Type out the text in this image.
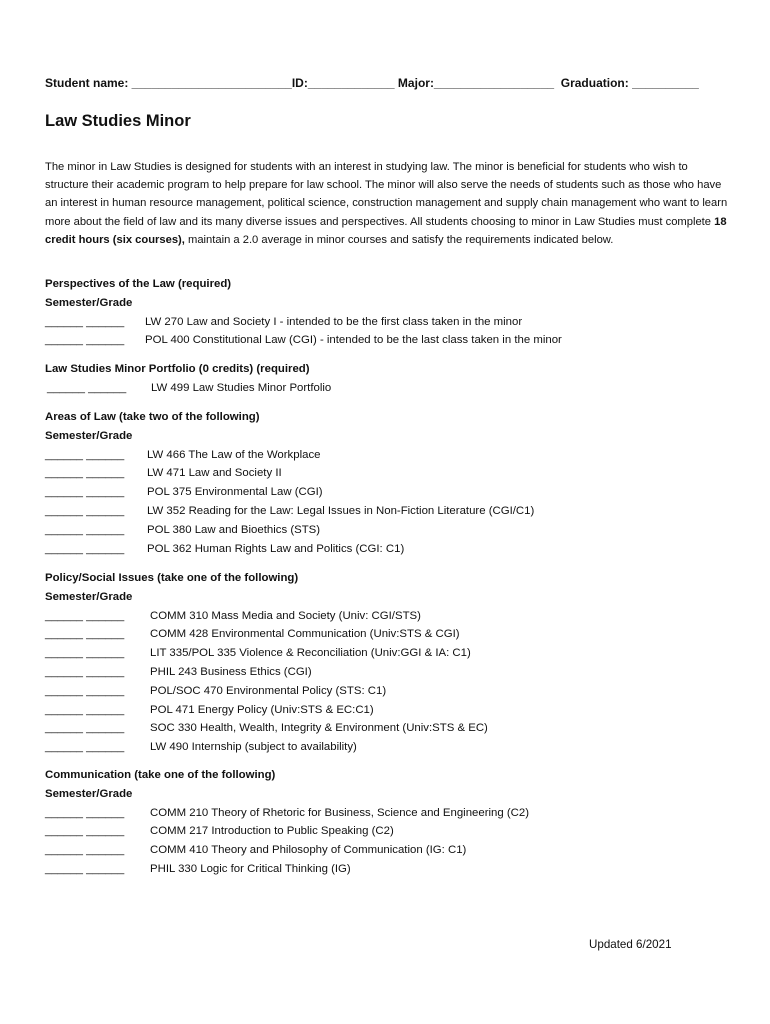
Student name: ________________________ID:_____________ Major:__________________  Graduation: __________
Law Studies Minor

The minor in Law Studies is designed for students with an interest in studying law. The minor is beneficial for students who wish to structure their academic program to help prepare for law school. The minor will also serve the needs of students such as those who have an interest in human resource management, political science, construction management and supply chain management who want to learn more about the field of law and its many diverse issues and perspectives. All students choosing to minor in Law Studies must complete 18 credit hours (six courses), maintain a 2.0 average in minor courses and satisfy the requirements indicated below.

Perspectives of the Law (required)
Semester/Grade
______ ______ LW 270 Law and Society I - intended to be the first class taken in the minor
______ ______ POL 400 Constitutional Law (CGI) - intended to be the last class taken in the minor
Law Studies Minor Portfolio (0 credits) (required)
______ ______ LW 499 Law Studies Minor Portfolio
Areas of Law (take two of the following)
Semester/Grade
______ ______ LW 466 The Law of the Workplace
______ ______ LW 471 Law and Society II
______ ______ POL 375 Environmental Law (CGI)
______ ______ LW 352 Reading for the Law: Legal Issues in Non-Fiction Literature (CGI/C1)
______ ______ POL 380 Law and Bioethics (STS)
______ ______ POL 362 Human Rights Law and Politics (CGI: C1)
Policy/Social Issues (take one of the following)
Semester/Grade
______ ______ COMM 310 Mass Media and Society (Univ: CGI/STS)
______ ______ COMM 428 Environmental Communication (Univ:STS & CGI)
______ ______ LIT 335/POL 335 Violence & Reconciliation (Univ:GGI & IA: C1)
______ ______ PHIL 243 Business Ethics (CGI)
______ ______ POL/SOC 470 Environmental Policy (STS: C1)
______ ______ POL 471 Energy Policy (Univ:STS & EC:C1)
______ ______ SOC 330 Health, Wealth, Integrity & Environment (Univ:STS & EC)
______ ______ LW 490 Internship (subject to availability)
Communication (take one of the following)
Semester/Grade
______ ______ COMM 210 Theory of Rhetoric for Business, Science and Engineering (C2)
______ ______ COMM 217 Introduction to Public Speaking (C2)
______ ______ COMM 410 Theory and Philosophy of Communication (IG: C1)
______ ______ PHIL 330 Logic for Critical Thinking (IG)
Updated 6/2021
